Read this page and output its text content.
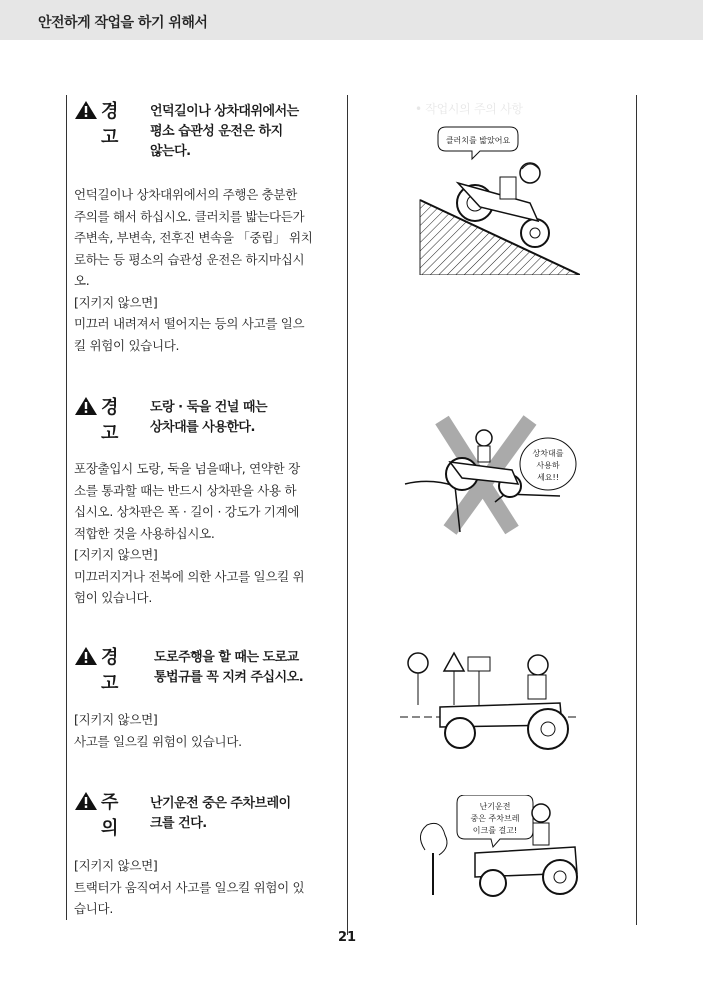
안전하게 작업을 하기 위해서
• 작업시의 주의 사항

경고
언덕길이나 상차대위에서는
평소 습관성 운전은 하지
않는다.

언덕길이나 상차대위에서의 주행은 충분한

주의를 해서 하십시오. 클러치를 밟는다든가

주변속, 부변속, 전후진 변속을 「중립」 위치

로하는 등 평소의 습관성 운전은 하지마십시

오.

[지키지 않으면]

미끄러 내려져서 떨어지는 등의 사고를 일으

킬 위험이 있습니다.

경고
도랑 · 둑을 건널 때는
상차대를 사용한다.

포장출입시 도랑, 둑을 넘을때나, 연약한 장

소를 통과할 때는 반드시 상차판을 사용 하

십시오. 상차판은 폭 · 길이 · 강도가 기계에

적합한 것을 사용하십시오.

[지키지 않으면]

미끄러지거나 전복에 의한 사고를 일으킬 위

험이 있습니다.

경고
도로주행을 할 때는 도로교
통법규를 꼭 지켜 주십시오.

[지키지 않으면]

사고를 일으킬 위험이 있습니다.

주의
난기운전 중은 주차브레이
크를 건다.

[지키지 않으면]

트랙터가 움직여서 사고를 일으킬 위험이 있

습니다.

클러치를 밟았어요
상차대를
사용하
세요!!
난기운전
중은 주차브레
이크를 걸고!
21
